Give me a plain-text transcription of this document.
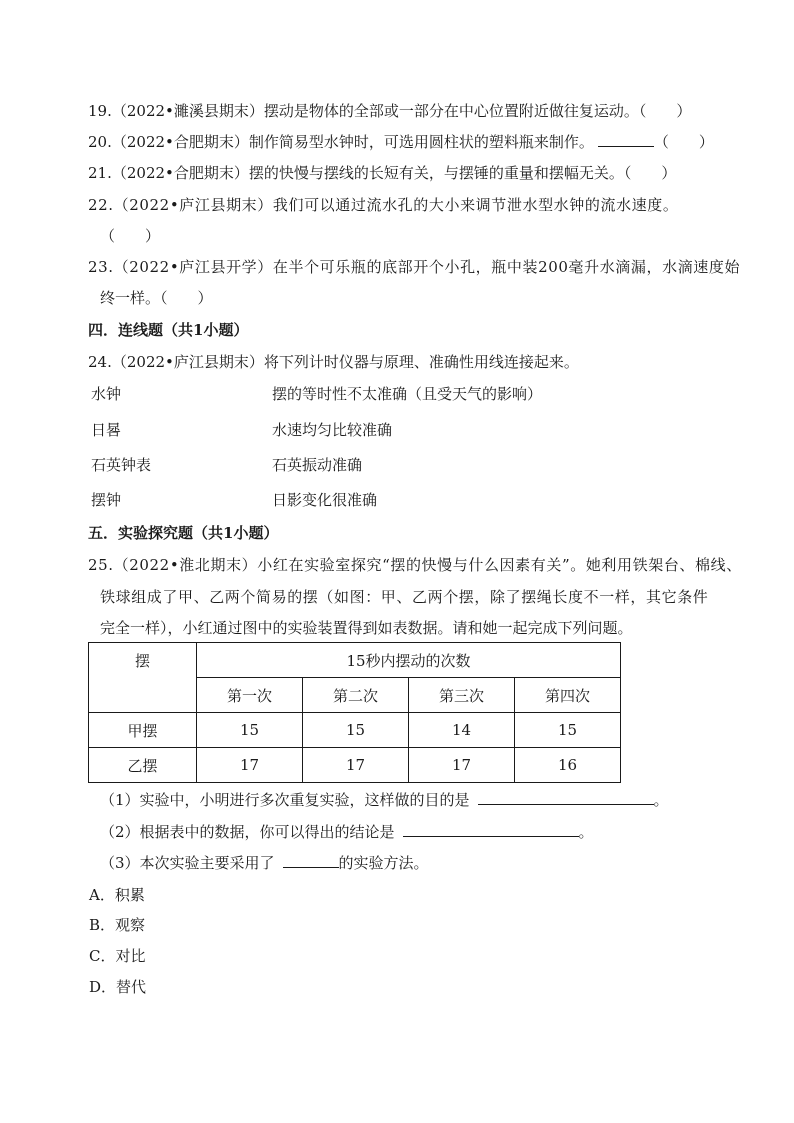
19.（2022•濉溪县期末）摆动是物体的全部或一部分在中心位置附近做往复运动。（　　）
20.（2022•合肥期末）制作简易型水钟时，可选用圆柱状的塑料瓶来制作。	（　　）
21.（2022•合肥期末）摆的快慢与摆线的长短有关，与摆锤的重量和摆幅无关。（　　）
22.（2022•庐江县期末）我们可以通过流水孔的大小来调节泄水型水钟的流水速度。
（　　）
23.（2022•庐江县开学）在半个可乐瓶的底部开个小孔，瓶中装200毫升水滴漏，水滴速度始
终一样。（　　）
四．连线题（共1小题）
24.（2022•庐江县期末）将下列计时仪器与原理、准确性用线连接起来。
水钟	摆的等时性不太准确（且受天气的影响）
日晷	水速均匀比较准确
石英钟表	石英振动准确
摆钟	日影变化很准确
五．实验探究题（共1小题）
25.（2022•淮北期末）小红在实验室探究“摆的快慢与什么因素有关”。她利用铁架台、棉线、
铁球组成了甲、乙两个简易的摆（如图：甲、乙两个摆，除了摆绳长度不一样，其它条件
完全一样），小红通过图中的实验装置得到如表数据。请和她一起完成下列问题。
摆	15秒内摆动的次数			
	第一次	第二次	第三次	第四次
甲摆	15	15	14	15
乙摆	17	17	17	16
（1）实验中，小明进行多次重复实验，这样做的目的是	。
（2）根据表中的数据，你可以得出的结论是	。
（3）本次实验主要采用了	的实验方法。
A．积累
B．观察
C．对比
D．替代
